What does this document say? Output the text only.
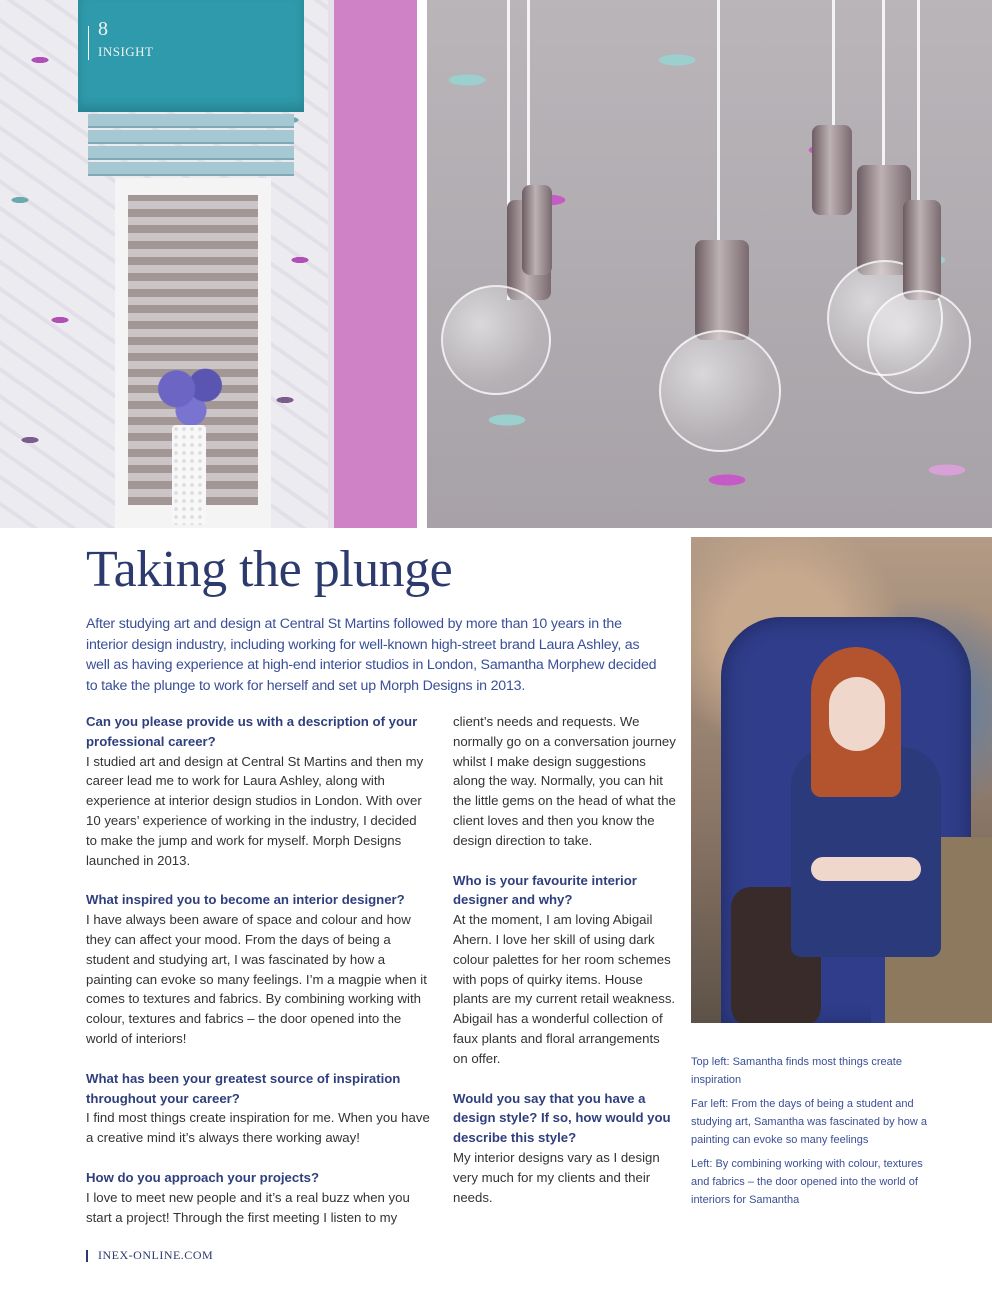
8
INSIGHT
Taking the plunge

After studying art and design at Central St Martins followed by more than 10 years in the interior design industry, including working for well-known high-street brand Laura Ashley, as well as having experience at high-end interior studios in London, Samantha Morphew decided to take the plunge to work for herself and set up Morph Designs in 2013.

Can you please provide us with a description of your professional career?

I studied art and design at Central St Martins and then my career lead me to work for Laura Ashley, along with experience at interior design studios in London. With over 10 years’ experience of working in the industry, I decided to make the jump and work for myself. Morph Designs launched in 2013.

What inspired you to become an interior designer?

I have always been aware of space and colour and how they can affect your mood. From the days of being a student and studying art, I was fascinated by how a painting can evoke so many feelings. I’m a magpie when it comes to textures and fabrics. By combining working with colour, textures and fabrics – the door opened into the world of interiors!

What has been your greatest source of inspiration throughout your career?

I find most things create inspiration for me. When you have a creative mind it’s always there working away!

How do you approach your projects?

I love to meet new people and it’s a real buzz when you start a project! Through the first meeting I listen to my

client’s needs and requests. We normally go on a conversation journey whilst I make design suggestions along the way. Normally, you can hit the little gems on the head of what the client loves and then you know the design direction to take.

Who is your favourite interior designer and why?

At the moment, I am loving Abigail Ahern. I love her skill of using dark colour palettes for her room schemes with pops of quirky items. House plants are my current retail weakness. Abigail has a wonderful collection of faux plants and floral arrangements on offer.

Would you say that you have a design style? If so, how would you describe this style?

My interior designs vary as I design very much for my clients and their needs.

Top left: Samantha finds most things create inspiration

Far left: From the days of being a student and studying art, Samantha was fascinated by how a painting can evoke so many feelings

Left: By combining working with colour, textures and fabrics – the door opened into the world of interiors for Samantha

INEX-ONLINE.COM
